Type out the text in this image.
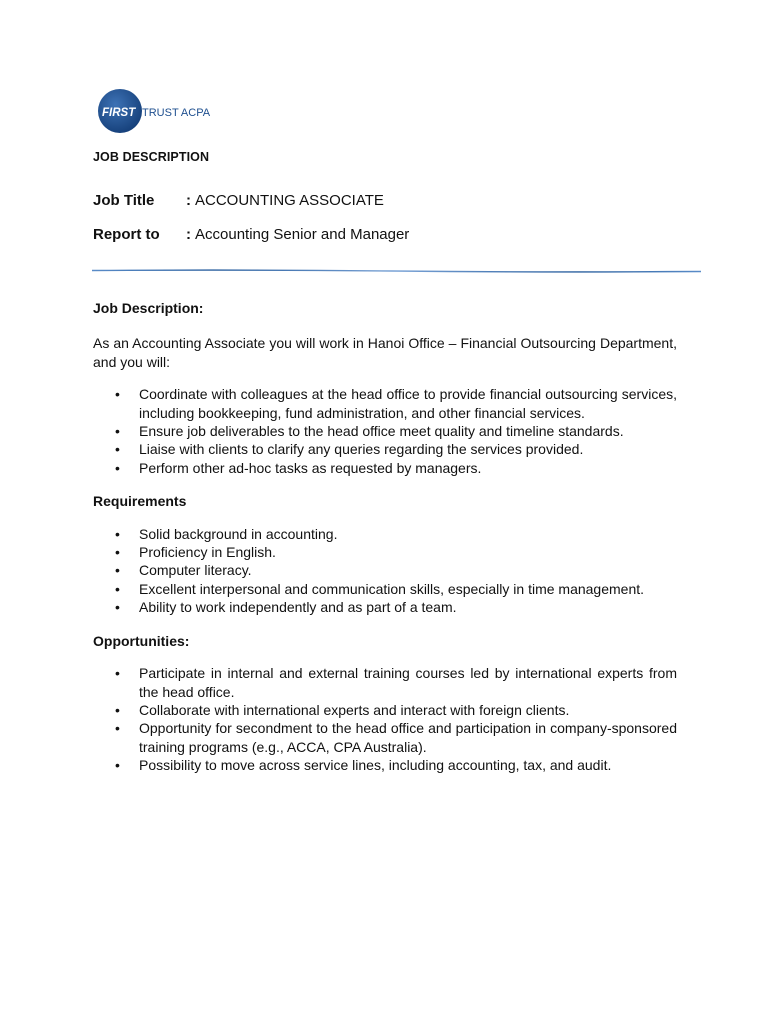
FIRST TRUST ACPA
JOB DESCRIPTION
Job Title : ACCOUNTING ASSOCIATE
Report to : Accounting Senior and Manager

Job Description:

As an Accounting Associate you will work in Hanoi Office – Financial Outsourcing Department, and you will:

• Coordinate with colleagues at the head office to provide financial outsourcing services, including bookkeeping, fund administration, and other financial services.
• Ensure job deliverables to the head office meet quality and timeline standards.
• Liaise with clients to clarify any queries regarding the services provided.
• Perform other ad-hoc tasks as requested by managers.

Requirements

• Solid background in accounting.
• Proficiency in English.
• Computer literacy.
• Excellent interpersonal and communication skills, especially in time management.
• Ability to work independently and as part of a team.

Opportunities:

• Participate in internal and external training courses led by international experts from the head office.
• Collaborate with international experts and interact with foreign clients.
• Opportunity for secondment to the head office and participation in company-sponsored training programs (e.g., ACCA, CPA Australia).
• Possibility to move across service lines, including accounting, tax, and audit.
